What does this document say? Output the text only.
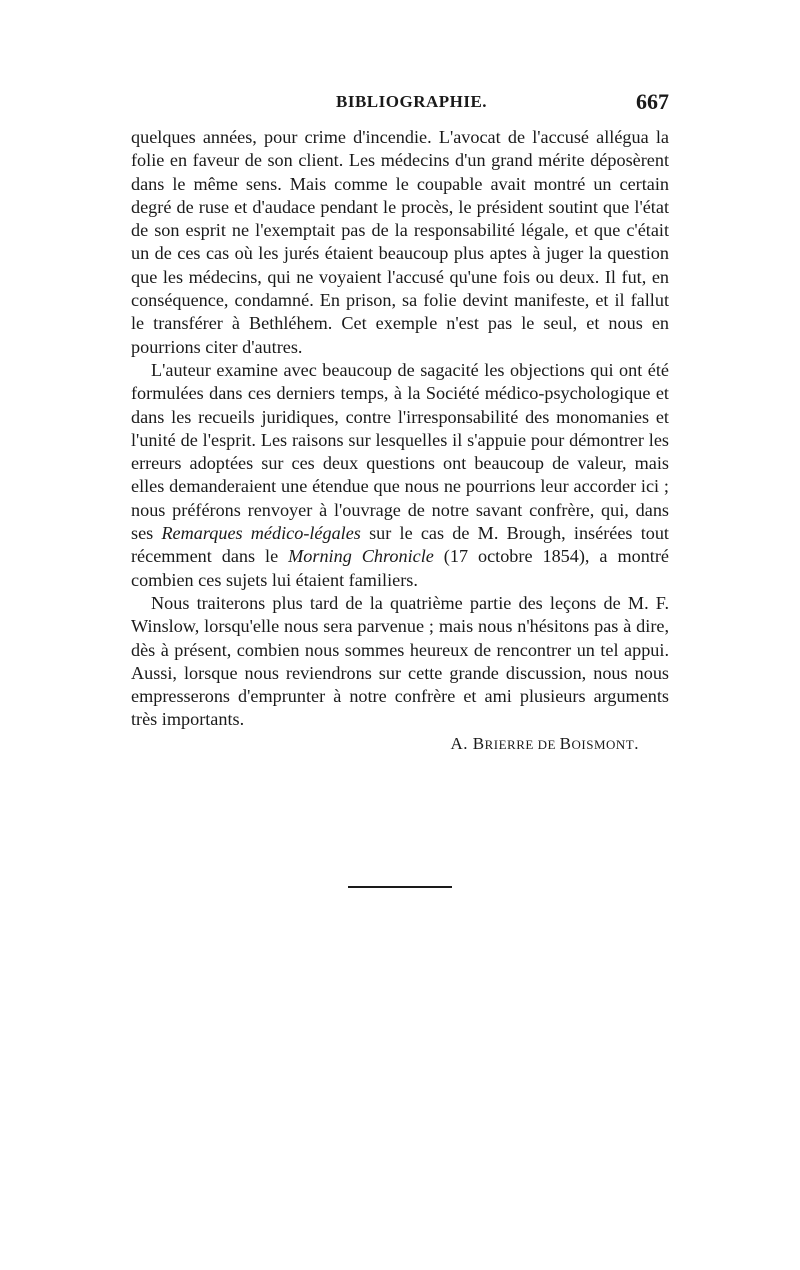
BIBLIOGRAPHIE.	667

quelques années, pour crime d'incendie. L'avocat de l'accusé allégua la folie en faveur de son client. Les médecins d'un grand mérite déposèrent dans le même sens. Mais comme le coupable avait montré un certain degré de ruse et d'audace pendant le procès, le président soutint que l'état de son esprit ne l'exemptait pas de la responsabilité légale, et que c'était un de ces cas où les jurés étaient beaucoup plus aptes à juger la question que les médecins, qui ne voyaient l'accusé qu'une fois ou deux. Il fut, en conséquence, condamné. En prison, sa folie devint manifeste, et il fallut le transférer à Bethléhem. Cet exemple n'est pas le seul, et nous en pourrions citer d'autres.

L'auteur examine avec beaucoup de sagacité les objections qui ont été formulées dans ces derniers temps, à la Société médico-psychologique et dans les recueils juridiques, contre l'irresponsabilité des monomanies et l'unité de l'esprit. Les raisons sur lesquelles il s'appuie pour démontrer les erreurs adoptées sur ces deux questions ont beaucoup de valeur, mais elles demanderaient une étendue que nous ne pourrions leur accorder ici ; nous préférons renvoyer à l'ouvrage de notre savant confrère, qui, dans ses Remarques médico-légales sur le cas de M. Brough, insérées tout récemment dans le Morning Chronicle (17 octobre 1854), a montré combien ces sujets lui étaient familiers.

Nous traiterons plus tard de la quatrième partie des leçons de M. F. Winslow, lorsqu'elle nous sera parvenue ; mais nous n'hésitons pas à dire, dès à présent, combien nous sommes heureux de rencontrer un tel appui. Aussi, lorsque nous reviendrons sur cette grande discussion, nous nous empresserons d'emprunter à notre confrère et ami plusieurs arguments très importants.

A. BRIERRE DE BOISMONT.
